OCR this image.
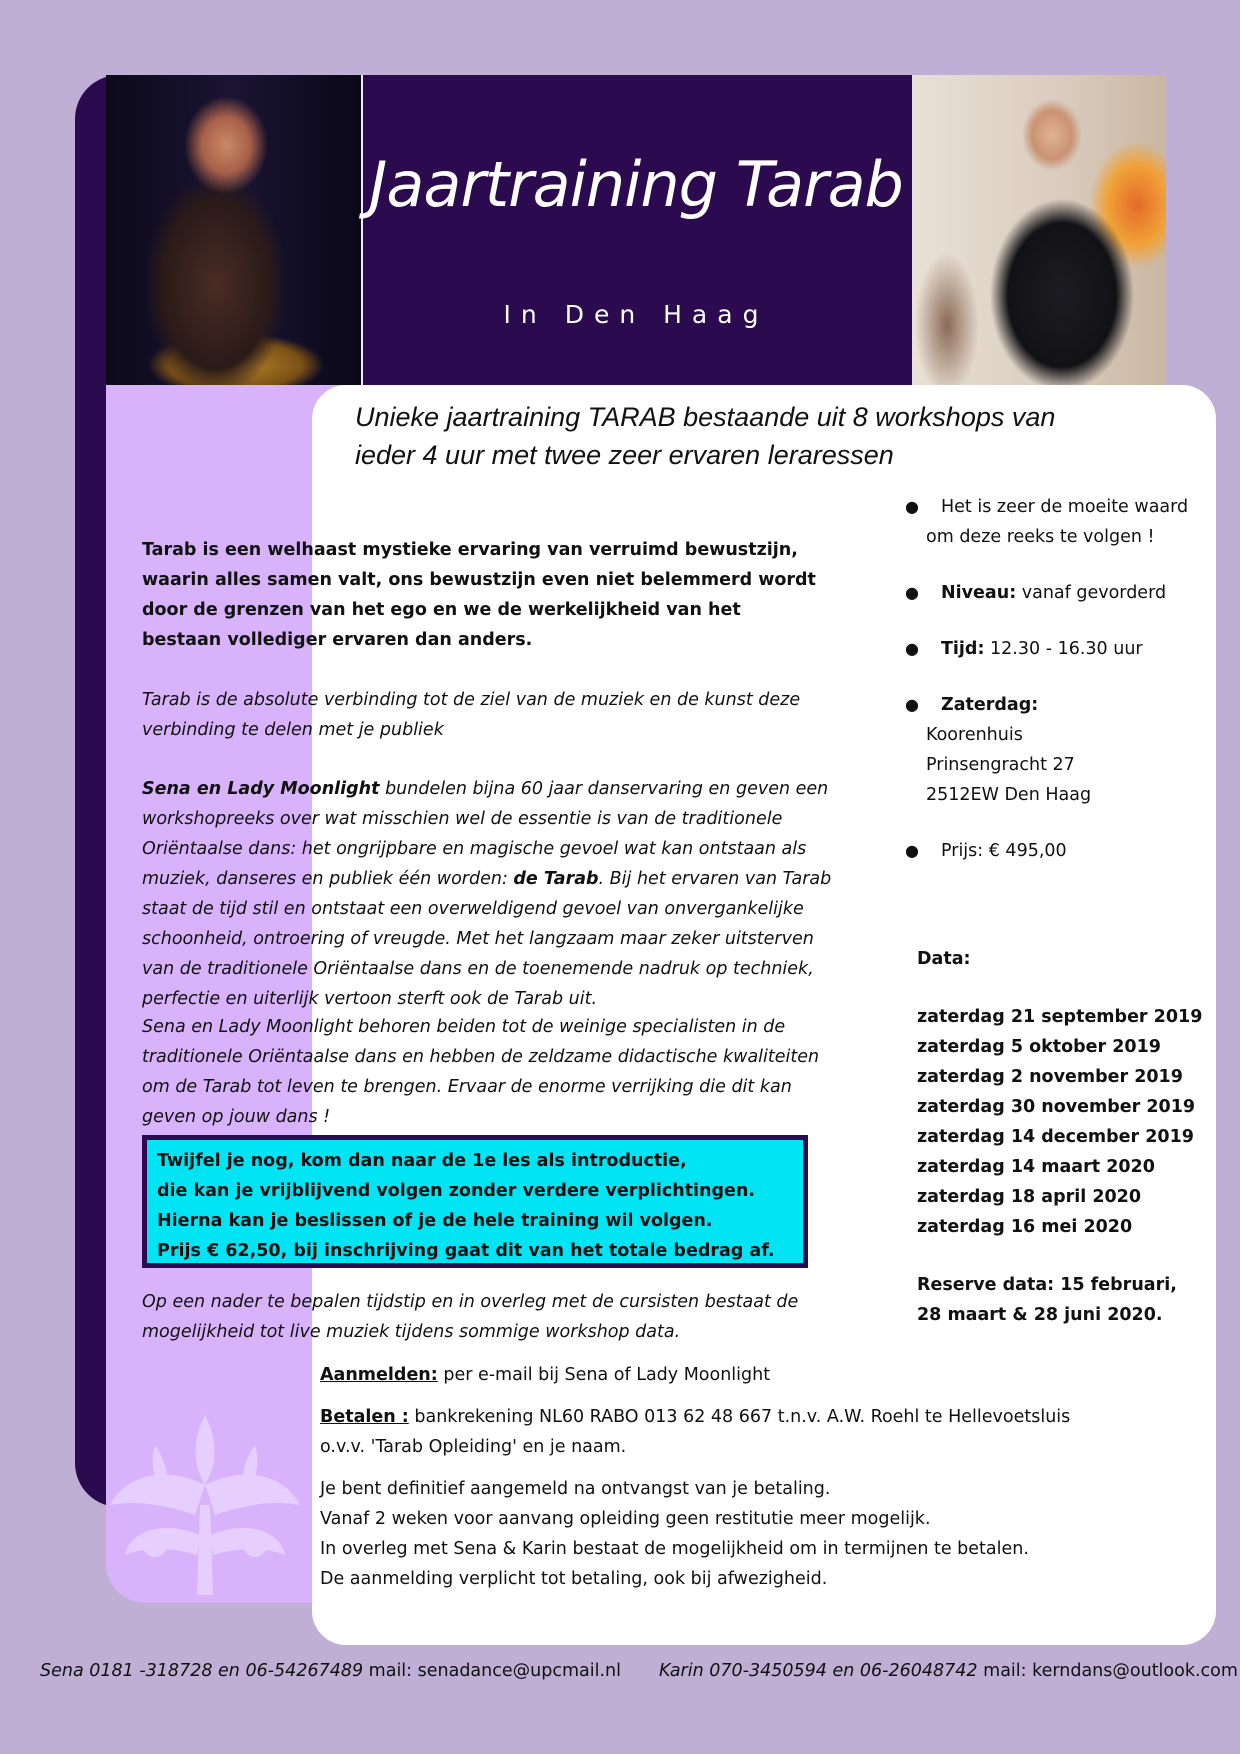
Jaartraining Tarab

In Den Haag

Unieke jaartraining TARAB bestaande uit 8 workshops van
ieder 4 uur met twee zeer ervaren leraressen
Tarab is een welhaast mystieke ervaring van verruimd bewustzijn, waarin alles samen valt, ons bewustzijn even niet belemmerd wordt door de grenzen van het ego en we de werkelijkheid van het bestaan vollediger ervaren dan anders.
Tarab is de absolute verbinding tot de ziel van de muziek en de kunst deze verbinding te delen met je publiek
Sena en Lady Moonlight bundelen bijna 60 jaar danservaring en geven een workshopreeks over wat misschien wel de essentie is van de traditionele Oriëntaalse dans: het ongrijpbare en magische gevoel wat kan ontstaan als muziek, danseres en publiek één worden: de Tarab. Bij het ervaren van Tarab staat de tijd stil en ontstaat een overweldigend gevoel van onvergankelijke schoonheid, ontroering of vreugde. Met het langzaam maar zeker uitsterven van de traditionele Oriëntaalse dans en de toenemende nadruk op techniek, perfectie en uiterlijk vertoon sterft ook de Tarab uit.
Sena en Lady Moonlight behoren beiden tot de weinige specialisten in de traditionele Oriëntaalse dans en hebben de zeldzame didactische kwaliteiten om de Tarab tot leven te brengen. Ervaar de enorme verrijking die dit kan geven op jouw dans !
Twijfel je nog, kom dan naar de 1e les als introductie,
die kan je vrijblijvend volgen zonder verdere verplichtingen.
Hierna kan je beslissen of je de hele training wil volgen.
Prijs € 62,50, bij inschrijving gaat dit van het totale bedrag af.
Op een nader te bepalen tijdstip en in overleg met de cursisten bestaat de mogelijkheid tot live muziek tijdens sommige workshop data.
●	Het is zeer de moeite waard
om deze reeks te volgen !
●	Niveau: vanaf gevorderd
●	Tijd: 12.30 - 16.30 uur
●	Zaterdag:
Koorenhuis
Prinsengracht 27
2512EW Den Haag
●	Prijs: € 495,00
Data:
zaterdag 21 september 2019
zaterdag 5 oktober 2019
zaterdag 2 november 2019
zaterdag 30 november 2019
zaterdag 14 december 2019
zaterdag 14 maart 2020
zaterdag 18 april 2020
zaterdag 16 mei 2020
Reserve data: 15 februari,
28 maart & 28 juni 2020.

Aanmelden: per e-mail bij Sena of Lady Moonlight

Betalen : bankrekening NL60 RABO 013 62 48 667 t.n.v. A.W. Roehl te Hellevoetsluis
o.v.v. 'Tarab Opleiding' en je naam.

Je bent definitief aangemeld na ontvangst van je betaling.
Vanaf 2 weken voor aanvang opleiding geen restitutie meer mogelijk.
In overleg met Sena & Karin bestaat de mogelijkheid om in termijnen te betalen.
De aanmelding verplicht tot betaling, ook bij afwezigheid.

Sena 0181 -318728 en 06-54267489 mail: senadance@upcmail.nl Karin 070-3450594 en 06-26048742 mail: kerndans@outlook.com
